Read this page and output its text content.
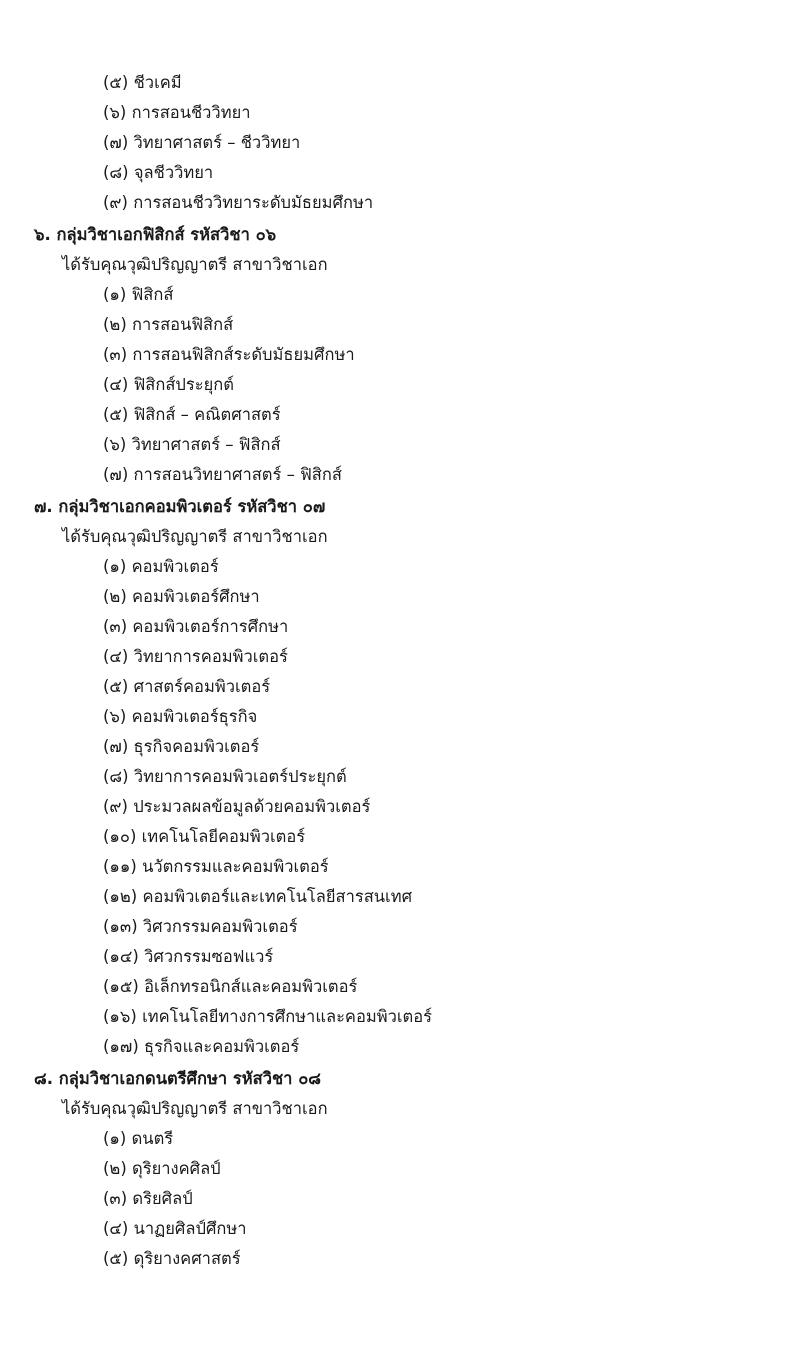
(๕) ชีวเคมี
(๖) การสอนชีววิทยา
(๗) วิทยาศาสตร์ – ชีววิทยา
(๘) จุลชีววิทยา
(๙) การสอนชีววิทยาระดับมัธยมศึกษา
๖. กลุ่มวิชาเอกฟิสิกส์ รหัสวิชา ๐๖
ได้รับคุณวุฒิปริญญาตรี สาขาวิชาเอก
(๑) ฟิสิกส์
(๒) การสอนฟิสิกส์
(๓) การสอนฟิสิกส์ระดับมัธยมศึกษา
(๔) ฟิสิกส์ประยุกต์
(๕) ฟิสิกส์ – คณิตศาสตร์
(๖) วิทยาศาสตร์ – ฟิสิกส์
(๗) การสอนวิทยาศาสตร์ – ฟิสิกส์
๗. กลุ่มวิชาเอกคอมพิวเตอร์ รหัสวิชา ๐๗
ได้รับคุณวุฒิปริญญาตรี สาขาวิชาเอก
(๑) คอมพิวเตอร์
(๒) คอมพิวเตอร์ศึกษา
(๓) คอมพิวเตอร์การศึกษา
(๔) วิทยาการคอมพิวเตอร์
(๕) ศาสตร์คอมพิวเตอร์
(๖) คอมพิวเตอร์ธุรกิจ
(๗) ธุรกิจคอมพิวเตอร์
(๘) วิทยาการคอมพิวเอตร์ประยุกต์
(๙) ประมวลผลข้อมูลด้วยคอมพิวเตอร์
(๑๐) เทคโนโลยีคอมพิวเตอร์
(๑๑) นวัตกรรมและคอมพิวเตอร์
(๑๒) คอมพิวเตอร์และเทคโนโลยีสารสนเทศ
(๑๓) วิศวกรรมคอมพิวเตอร์
(๑๔) วิศวกรรมซอฟแวร์
(๑๕) อิเล็กทรอนิกส์และคอมพิวเตอร์
(๑๖) เทคโนโลยีทางการศึกษาและคอมพิวเตอร์
(๑๗) ธุรกิจและคอมพิวเตอร์
๘. กลุ่มวิชาเอกดนตรีศึกษา รหัสวิชา ๐๘
ได้รับคุณวุฒิปริญญาตรี สาขาวิชาเอก
(๑) ดนตรี
(๒) ดุริยางคศิลป์
(๓) ดริยศิลป์
(๔) นาฏยศิลป์ศึกษา
(๕) ดุริยางคศาสตร์
